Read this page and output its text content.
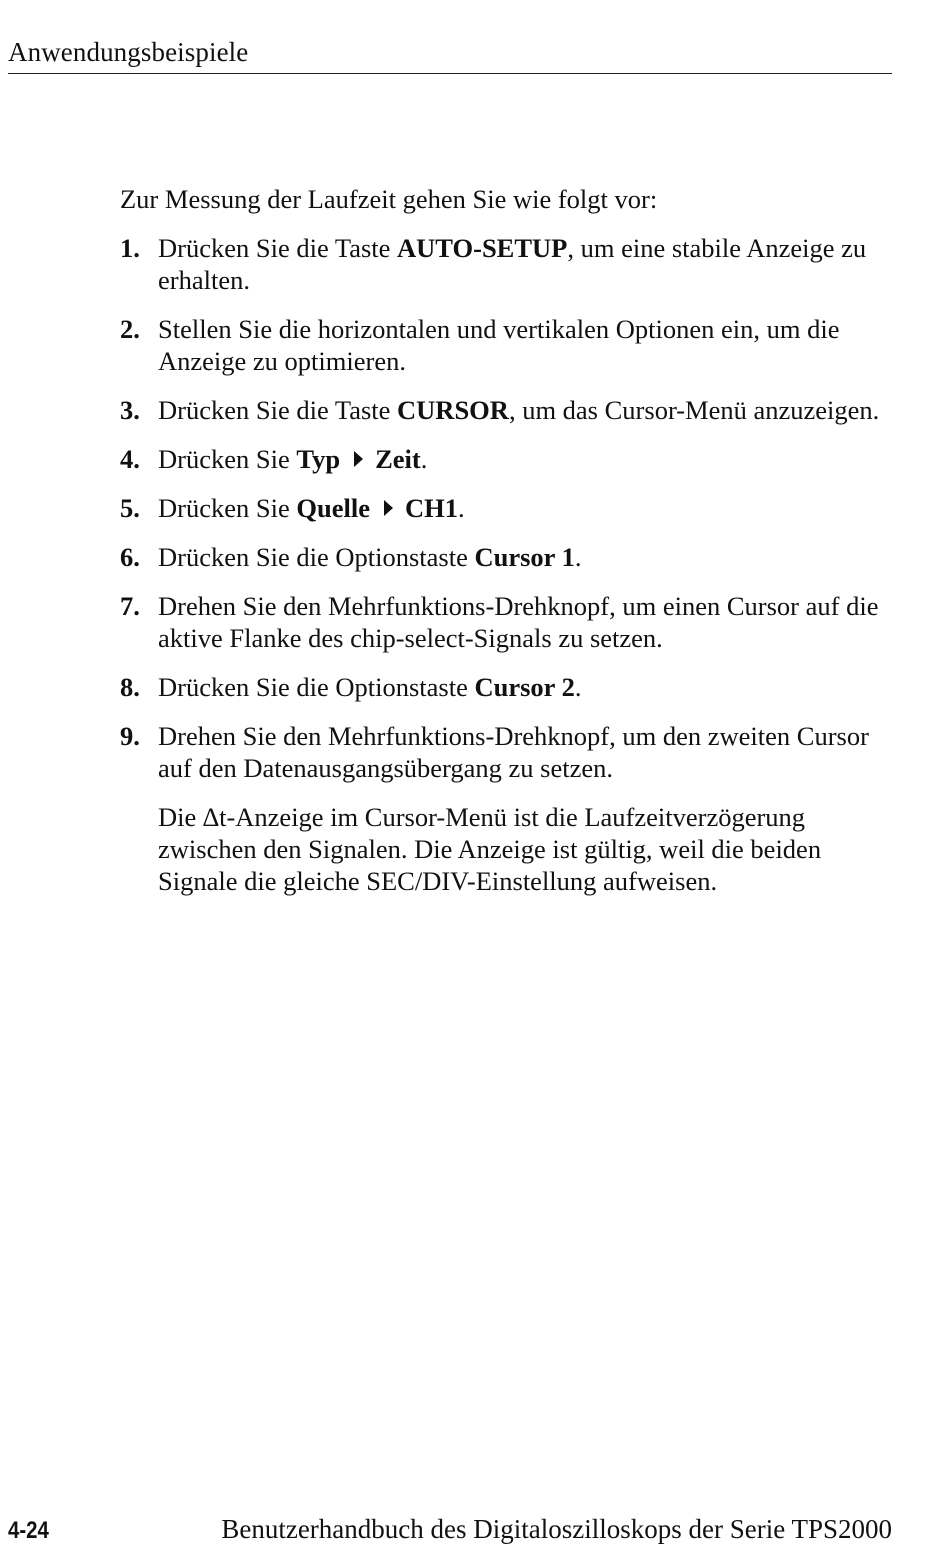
Anwendungsbeispiele

Zur Messung der Laufzeit gehen Sie wie folgt vor:

1. Drücken Sie die Taste AUTO-SETUP, um eine stabile Anzeige zu erhalten.
2. Stellen Sie die horizontalen und vertikalen Optionen ein, um die Anzeige zu optimieren.
3. Drücken Sie die Taste CURSOR, um das Cursor-Menü anzuzeigen.
4. Drücken Sie Typ Zeit.
5. Drücken Sie Quelle CH1.
6. Drücken Sie die Optionstaste Cursor 1.
7. Drehen Sie den Mehrfunktions-Drehknopf, um einen Cursor auf die aktive Flanke des chip-select-Signals zu setzen.
8. Drücken Sie die Optionstaste Cursor 2.
9. Drehen Sie den Mehrfunktions-Drehknopf, um den zweiten Cursor auf den Datenausgangsübergang zu setzen.

Die ∆t-Anzeige im Cursor-Menü ist die Laufzeitverzögerung zwischen den Signalen. Die Anzeige ist gültig, weil die beiden Signale die gleiche SEC/DIV-Einstellung aufweisen.

4-24	Benutzerhandbuch des Digitaloszilloskops der Serie TPS2000
